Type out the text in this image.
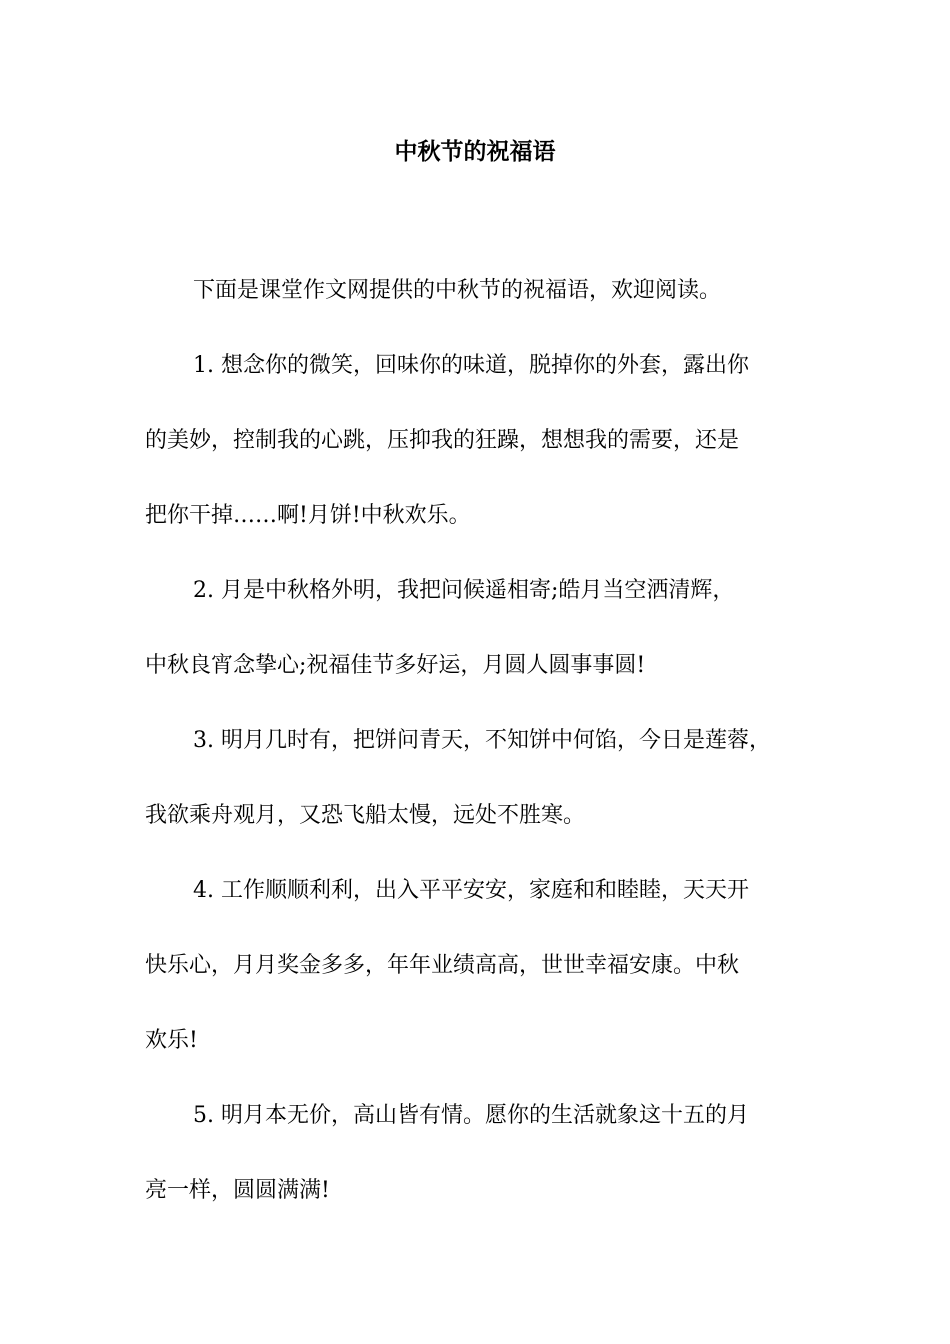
中秋节的祝福语
下面是课堂作文网提供的中秋节的祝福语，欢迎阅读。
1. 想念你的微笑，回味你的味道，脱掉你的外套，露出你
的美妙，控制我的心跳，压抑我的狂躁，想想我的需要，还是
把你干掉……啊!月饼!中秋欢乐。
2. 月是中秋格外明，我把问候遥相寄;皓月当空洒清辉，
中秋良宵念挚心;祝福佳节多好运，月圆人圆事事圆!
3. 明月几时有，把饼问青天，不知饼中何馅，今日是莲蓉，
我欲乘舟观月，又恐飞船太慢，远处不胜寒。
4. 工作顺顺利利，出入平平安安，家庭和和睦睦，天天开
快乐心，月月奖金多多，年年业绩高高，世世幸福安康。中秋
欢乐!
5. 明月本无价，高山皆有情。愿你的生活就象这十五的月
亮一样，圆圆满满!
